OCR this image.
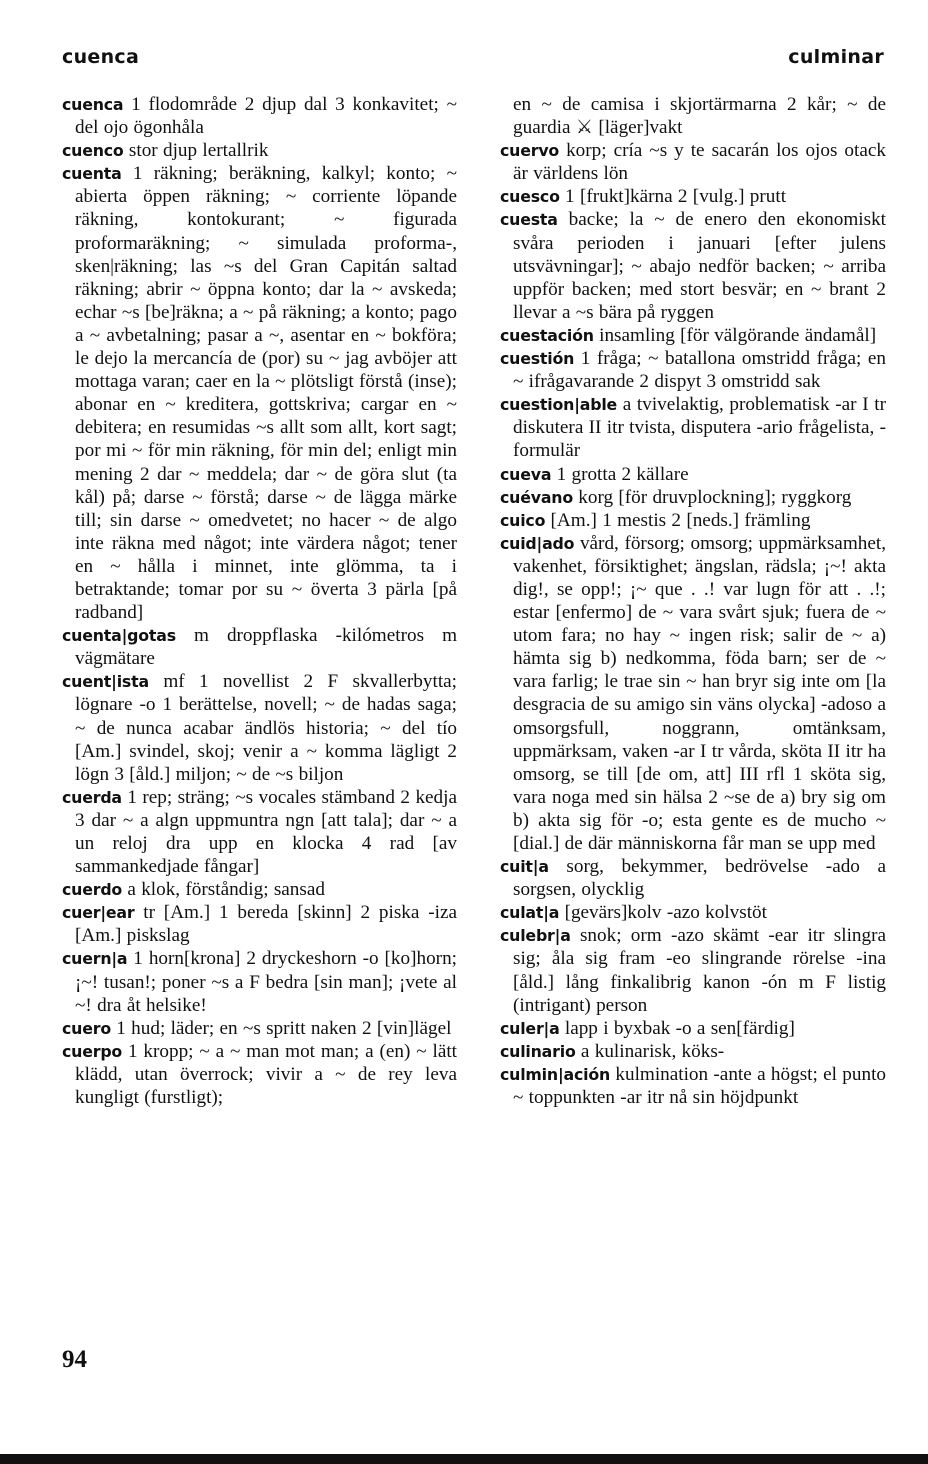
cuenca	culminar

cuenca 1 flodområde 2 djup dal 3 konkavitet; ~ del ojo ögonhåla

cuenco stor djup lertallrik

cuenta 1 räkning; beräkning, kalkyl; konto; ~ abierta öppen räkning; ~ corriente löpande räkning, kontokurant; ~ figurada proformaräkning; ~ simulada proforma-, sken|räkning; las ~s del Gran Capitán saltad räkning; abrir ~ öppna konto; dar la ~ avskeda; echar ~s [be]räkna; a ~ på räkning; a konto; pago a ~ avbetalning; pasar a ~, asentar en ~ bokföra; le dejo la mercancía de (por) su ~ jag avböjer att mottaga varan; caer en la ~ plötsligt förstå (inse); abonar en ~ kreditera, gottskriva; cargar en ~ debitera; en resumidas ~s allt som allt, kort sagt; por mi ~ för min räkning, för min del; enligt min mening 2 dar ~ meddela; dar ~ de göra slut (ta kål) på; darse ~ förstå; darse ~ de lägga märke till; sin darse ~ omedvetet; no hacer ~ de algo inte räkna med något; inte värdera något; tener en ~ hålla i minnet, inte glömma, ta i betraktande; tomar por su ~ överta 3 pärla [på radband]

cuenta|gotas m droppflaska -kilómetros m vägmätare

cuent|ista mf 1 novellist 2 F skvallerbytta; lögnare -o 1 berättelse, novell; ~ de hadas saga; ~ de nunca acabar ändlös historia; ~ del tío [Am.] svindel, skoj; venir a ~ komma lägligt 2 lögn 3 [åld.] miljon; ~ de ~s biljon

cuerda 1 rep; sträng; ~s vocales stämband 2 kedja 3 dar ~ a algn uppmuntra ngn [att tala]; dar ~ a un reloj dra upp en klocka 4 rad [av sammankedjade fångar]

cuerdo a klok, förståndig; sansad

cuer|ear tr [Am.] 1 bereda [skinn] 2 piska -iza [Am.] piskslag

cuern|a 1 horn[krona] 2 dryckeshorn -o [ko]horn; ¡~! tusan!; poner ~s a F bedra [sin man]; ¡vete al ~! dra åt helsike!

cuero 1 hud; läder; en ~s spritt naken 2 [vin]lägel

cuerpo 1 kropp; ~ a ~ man mot man; a (en) ~ lätt klädd, utan överrock; vivir a ~ de rey leva kungligt (furstligt);

en ~ de camisa i skjortärmarna 2 kår; ~ de guardia ⚔ [läger]vakt

cuervo korp; cría ~s y te sacarán los ojos otack är världens lön

cuesco 1 [frukt]kärna 2 [vulg.] prutt

cuesta backe; la ~ de enero den ekonomiskt svåra perioden i januari [efter julens utsvävningar]; ~ abajo nedför backen; ~ arriba uppför backen; med stort besvär; en ~ brant 2 llevar a ~s bära på ryggen

cuestación insamling [för välgörande ändamål]

cuestión 1 fråga; ~ batallona omstridd fråga; en ~ ifrågavarande 2 dispyt 3 omstridd sak

cuestion|able a tvivelaktig, problematisk -ar I tr diskutera II itr tvista, disputera -ario frågelista, -formulär

cueva 1 grotta 2 källare

cuévano korg [för druvplockning]; ryggkorg

cuico [Am.] 1 mestis 2 [neds.] främling

cuid|ado vård, försorg; omsorg; uppmärksamhet, vakenhet, försiktighet; ängslan, rädsla; ¡~! akta dig!, se opp!; ¡~ que . .! var lugn för att . .!; estar [enfermo] de ~ vara svårt sjuk; fuera de ~ utom fara; no hay ~ ingen risk; salir de ~ a) hämta sig b) nedkomma, föda barn; ser de ~ vara farlig; le trae sin ~ han bryr sig inte om [la desgracia de su amigo sin väns olycka] -adoso a omsorgsfull, noggrann, omtänksam, uppmärksam, vaken -ar I tr vårda, sköta II itr ha omsorg, se till [de om, att] III rfl 1 sköta sig, vara noga med sin hälsa 2 ~se de a) bry sig om b) akta sig för -o; esta gente es de mucho ~ [dial.] de där människorna får man se upp med

cuit|a sorg, bekymmer, bedrövelse -ado a sorgsen, olycklig

culat|a [gevärs]kolv -azo kolvstöt

culebr|a snok; orm -azo skämt -ear itr slingra sig; åla sig fram -eo slingrande rörelse -ina [åld.] lång finkalibrig kanon -ón m F listig (intrigant) person

culer|a lapp i byxbak -o a sen[färdig]

culinario a kulinarisk, köks-

culmin|ación kulmination -ante a högst; el punto ~ toppunkten -ar itr nå sin höjdpunkt

94
